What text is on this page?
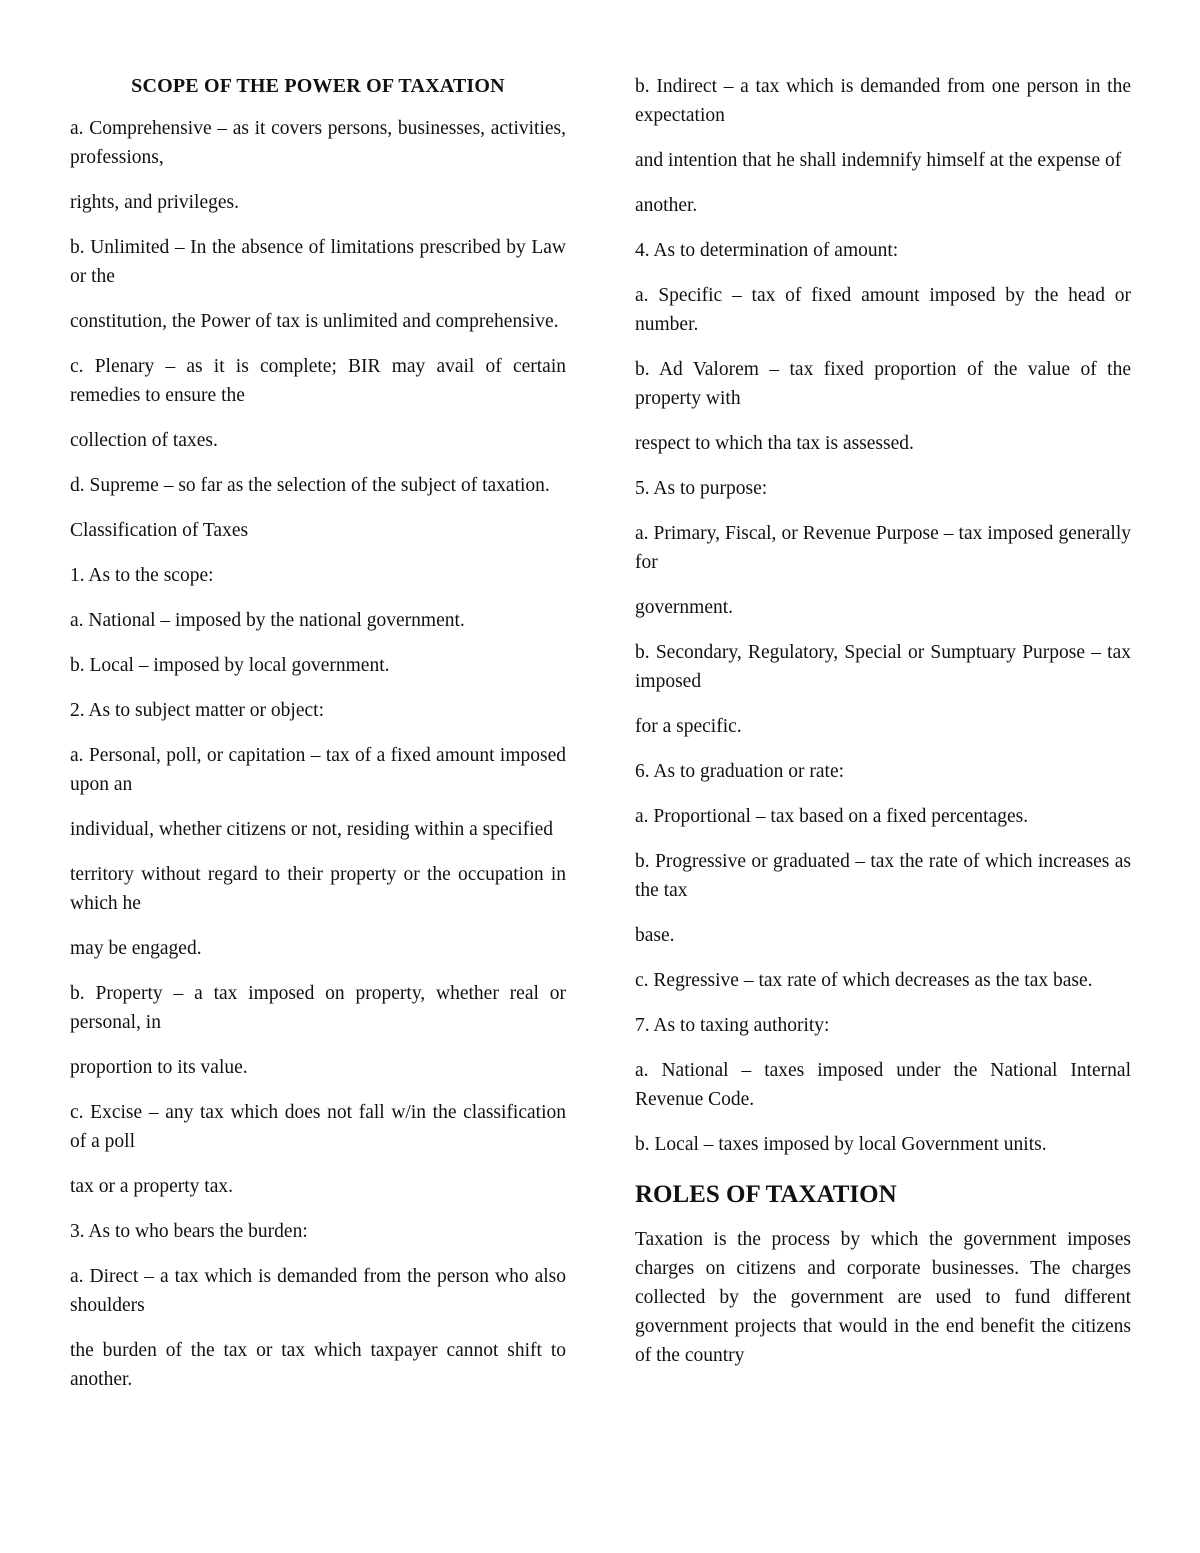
SCOPE OF THE POWER OF TAXATION
a. Comprehensive – as it covers persons, businesses, activities, professions,
rights, and privileges.
b. Unlimited – In the absence of limitations prescribed by Law or the
constitution, the Power of tax is unlimited and comprehensive.
c. Plenary – as it is complete; BIR may avail of certain remedies to ensure the
collection of taxes.
d. Supreme – so far as the selection of the subject of taxation.
Classification of Taxes
1. As to the scope:
a. National – imposed by the national government.
b. Local – imposed by local government.
2. As to subject matter or object:
a. Personal, poll, or capitation – tax of a fixed amount imposed upon an
individual, whether citizens or not, residing within a specified
territory without regard to their property or the occupation in which he
may be engaged.
b. Property – a tax imposed on property, whether real or personal, in
proportion to its value.
c. Excise – any tax which does not fall w/in the classification of a poll
tax or a property tax.
3. As to who bears the burden:
a. Direct – a tax which is demanded from the person who also shoulders
the burden of the tax or tax which taxpayer cannot shift to another.
b. Indirect – a tax which is demanded from one person in the expectation
and intention that he shall indemnify himself at the expense of
another.
4. As to determination of amount:
a. Specific – tax of fixed amount imposed by the head or number.
b. Ad Valorem – tax fixed proportion of the value of the property with
respect to which tha tax is assessed.
5. As to purpose:
a. Primary, Fiscal, or Revenue Purpose – tax imposed generally for
government.
b. Secondary, Regulatory, Special or Sumptuary Purpose – tax imposed
for a specific.
6. As to graduation or rate:
a. Proportional – tax based on a fixed percentages.
b. Progressive or graduated – tax the rate of which increases as the tax
base.
c. Regressive – tax rate of which decreases as the tax base.
7. As to taxing authority:
a. National – taxes imposed under the National Internal Revenue Code.
b. Local – taxes imposed by local Government units.
ROLES OF TAXATION
Taxation is the process by which the government imposes charges on citizens and corporate businesses. The charges collected by the government are used to fund different government projects that would in the end benefit the citizens of the country
